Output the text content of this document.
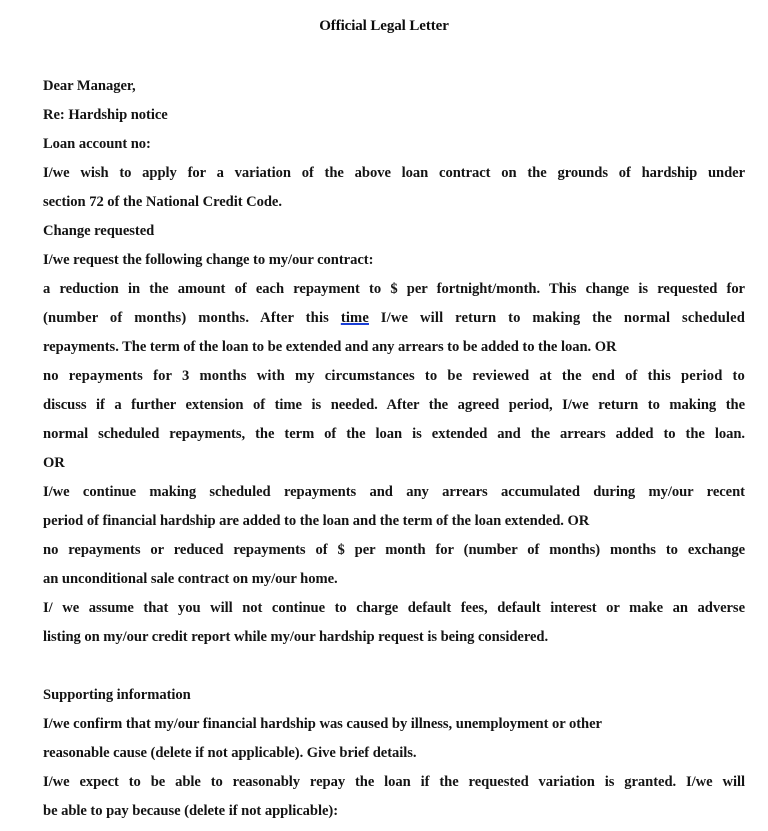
Official Legal Letter
Dear Manager,
Re: Hardship notice
Loan account no:
I/we wish to apply for a variation of the above loan contract on the grounds of hardship under
section 72 of the National Credit Code.
Change requested
I/we request the following change to my/our contract:
a reduction in the amount of each repayment to $ per fortnight/month. This change is requested for
(number of months) months. After this time I/we will return to making the normal scheduled
repayments. The term of the loan to be extended and any arrears to be added to the loan. OR
no repayments for 3 months with my circumstances to be reviewed at the end of this period to
discuss if a further extension of time is needed. After the agreed period, I/we return to making the
normal scheduled repayments, the term of the loan is extended and the arrears added to the loan.
OR
I/we continue making scheduled repayments and any arrears accumulated during my/our recent
period of financial hardship are added to the loan and the term of the loan extended. OR
no repayments or reduced repayments of $ per month for (number of months) months to exchange
an unconditional sale contract on my/our home.
I/ we assume that you will not continue to charge default fees, default interest or make an adverse
listing on my/our credit report while my/our hardship request is being considered.
Supporting information
I/we confirm that my/our financial hardship was caused by illness, unemployment or other
reasonable cause (delete if not applicable). Give brief details.
I/we expect to be able to reasonably repay the loan if the requested variation is granted. I/we will
be able to pay because (delete if not applicable):
